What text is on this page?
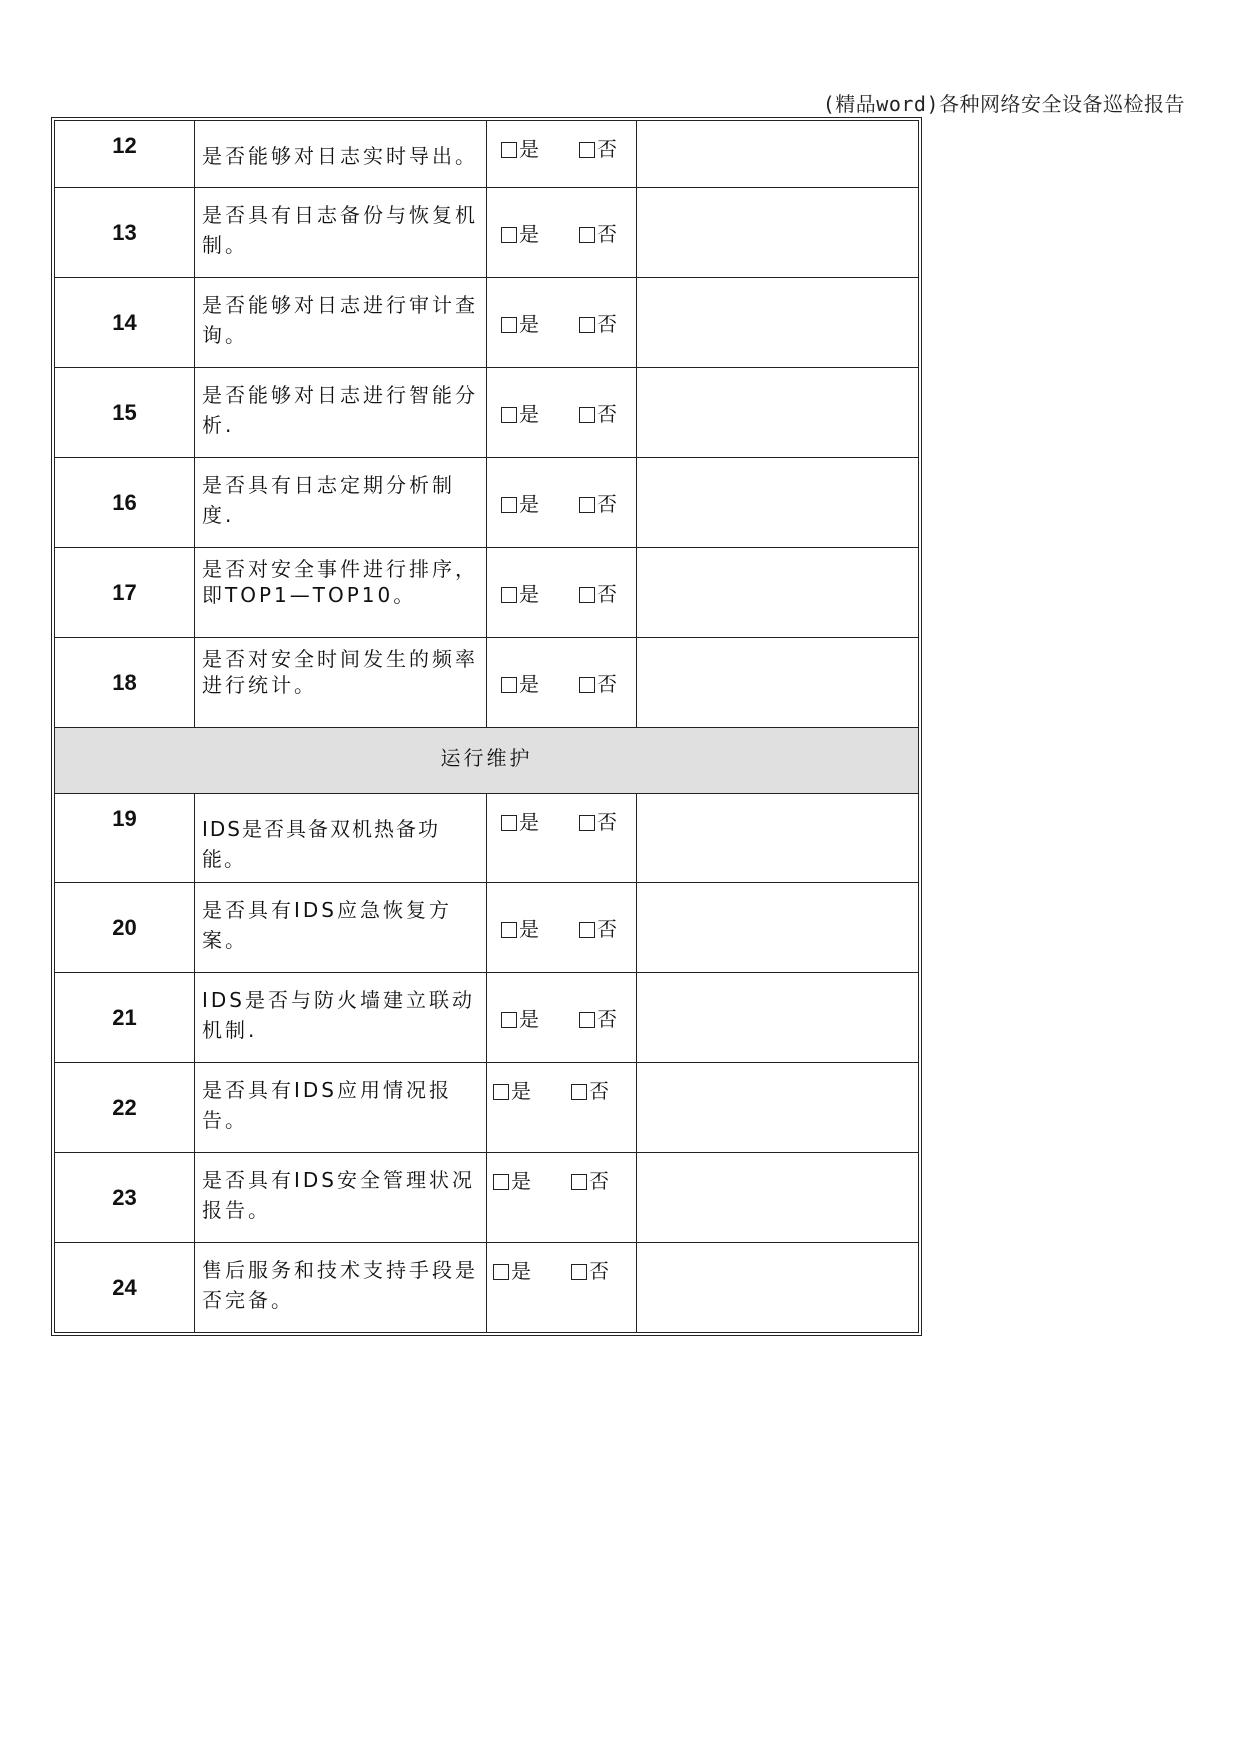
(精品word)各种网络安全设备巡检报告
12	是否能够对日志实时导出。	是 否	
13	是否具有日志备份与恢复机制。	是 否	
14	是否能够对日志进行审计查询。	是 否	
15	是否能够对日志进行智能分析.	是 否	
16	是否具有日志定期分析制度.	是 否	
17	是否对安全事件进行排序，即TOP1—TOP10。	是 否	
18	是否对安全时间发生的频率进行统计。	是 否	
运行维护			
19	IDS是否具备双机热备功能。	是 否	
20	是否具有IDS应急恢复方案。	是 否	
21	IDS是否与防火墙建立联动机制.	是 否	
22	是否具有IDS应用情况报告。	是 否	
23	是否具有IDS安全管理状况报告。	是 否	
24	售后服务和技术支持手段是否完备。	是 否	
